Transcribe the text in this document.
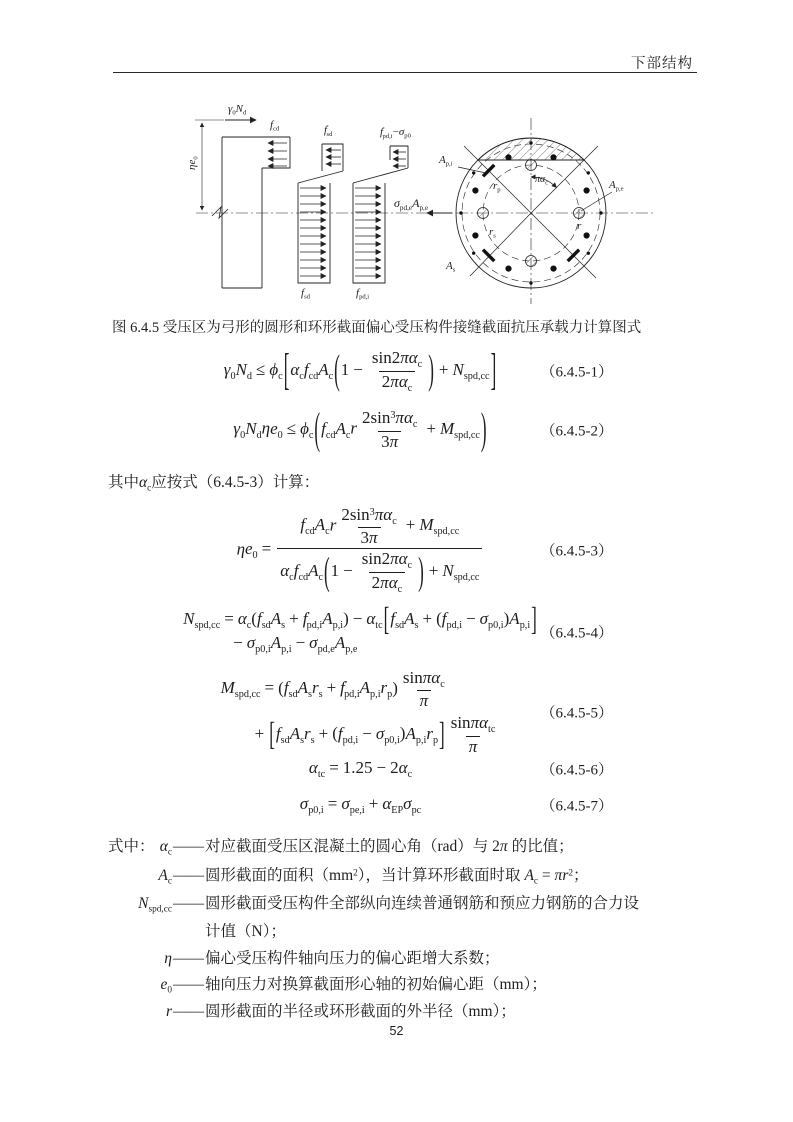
下部结构
$\gamma_0N_d$
$\eta e_0$
$f_{cd}$	$f'_{sd}$	$f'_{pd,i}-\sigma_{p0}$
$f_{sd}$	$f_{pd,i}$
$\sigma_{pd,e}A_{p,e}$
$A_{p,i}$
$A_{p,e}$
$A_s$
$r_p$
$r_s$
r
$\pi\alpha_c$
图 6.4.5 受压区为弓形的圆形和环形截面偏心受压构件接缝截面抗压承载力计算图式
$\gamma_0N_d \le \phi_c[\alpha_cf_{cd}A_c(1 - \frac{\sin 2\pi\alpha_c}{2\pi\alpha_c}$ ) + $N_{spd,cc}$]	（6.4.5-1）
$\gamma_0N_d\eta e_0 \le \phi_c(f_{cd}A_cr \frac{2\sin^3\pi\alpha_c}{3\pi} + M_{spd,cc})$	（6.4.5-2）
其中$\alpha_c$应按式（6.4.5-3）计算：
$\eta e_0 = \frac{f_{cd}A_cr \frac{2\sin^3\pi\alpha_c}{3\pi} + M_{spd,cc}}{\alpha_cf_{cd}A_c(1 - \frac{\sin 2\pi\alpha_c}{2\pi\alpha_c} ) + N_{spd,cc}}$	（6.4.5-3）
$N_{spd,cc} = \alpha_c(f_{sd}A_s + f'_{pd,i}A_{p,i}) - \alpha_{tc}[f_{sd}A_s + (f_{pd,i} - \sigma_{p0,i})A_{p,i}]$
− $\sigma_{p0,i}A_{p,i} - \sigma_{pd,e}A_{p,e}$
（6.4.5-4）
$M_{spd,cc} = (f_{sd}A_sr_s + f'_{pd,i}A_{p,i}r_p) \frac{\sin\pi\alpha_c}{\pi}$
+ $[f_{sd}A_sr_s + (f_{pd,i} - \sigma_{p0,i})A_{p,i}r_p] \frac{\sin\pi\alpha_{tc}}{\pi}$	（6.4.5-5）
$\alpha_{tc} = 1.25 - 2\alpha_c$	（6.4.5-6）
$\sigma_{p0,i} = \sigma_{pe,i} + \alpha_{EP}\sigma_{pc}$	（6.4.5-7）
式中： $\alpha_c$ —— 对应截面受压区混凝土的圆心角（rad）与 2π 的比值；
$A_c$ —— 圆形截面的面积$(mm^2)$，当计算环形截面时取 $A_c = \pi r^2$；
$N_{spd,cc}$ —— 圆形截面受压构件全部纵向连续普通钢筋和预应力钢筋的合力设
计值（N）；
η —— 偏心受压构件轴向压力的偏心距增大系数；
$e_0$ —— 轴向压力对换算截面形心轴的初始偏心距（mm）；
r —— 圆形截面的半径或环形截面的外半径（mm）；
52
